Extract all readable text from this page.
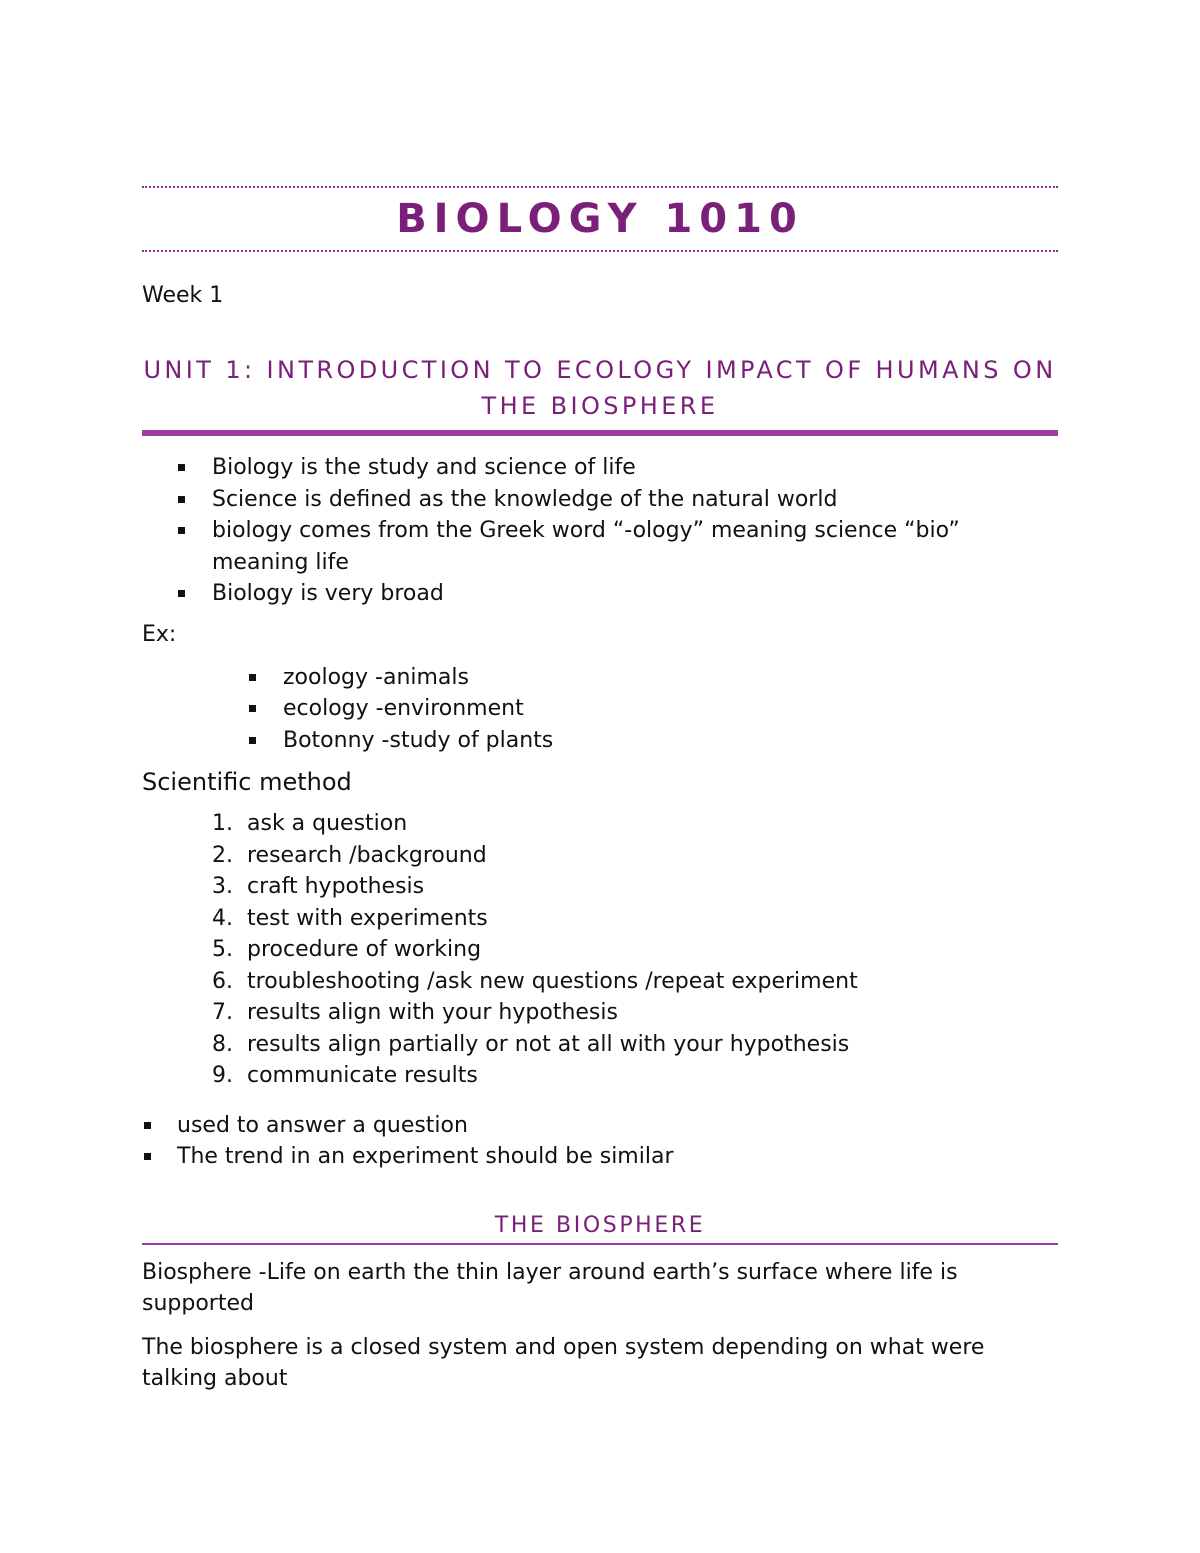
BIOLOGY 1010
Week 1
UNIT 1: INTRODUCTION TO ECOLOGY IMPACT OF HUMANS ON THE BIOSPHERE
Biology is the study and science of life
Science is defined as the knowledge of the natural world
biology comes from the Greek word “-ology” meaning science “bio” meaning life
Biology is very broad
Ex:
zoology -animals
ecology -environment
Botonny -study of plants
Scientific method
1. ask a question
2. research /background
3. craft hypothesis
4. test with experiments
5. procedure of working
6. troubleshooting /ask new questions /repeat experiment
7. results align with your hypothesis
8. results align partially or not at all with your hypothesis
9. communicate results
used to answer a question
The trend in an experiment should be similar
THE BIOSPHERE

Biosphere -Life on earth the thin layer around earth’s surface where life is supported

The biosphere is a closed system and open system depending on what were talking about
